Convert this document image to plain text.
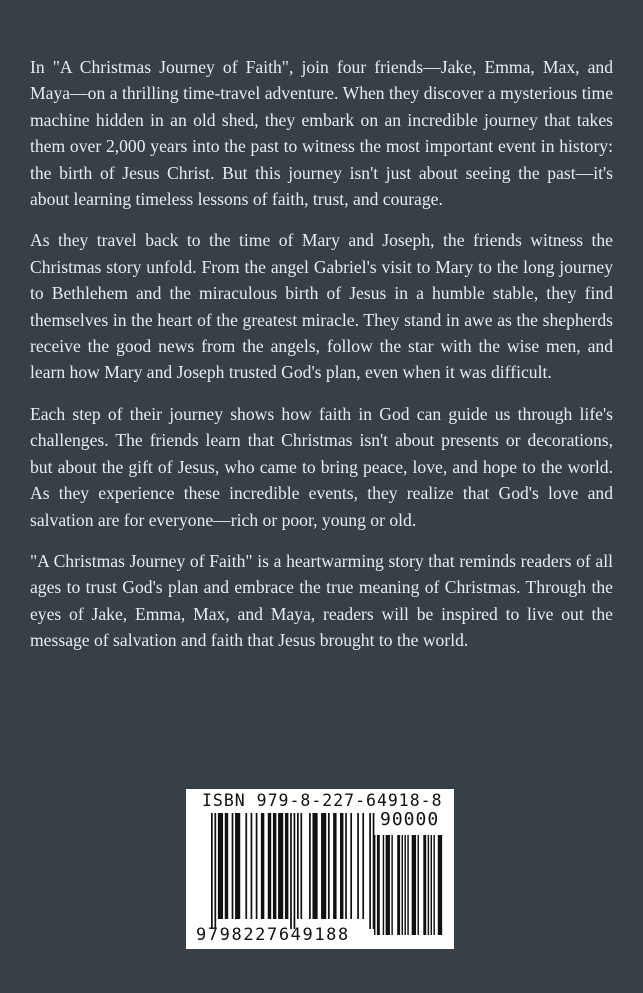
In "A Christmas Journey of Faith", join four friends—Jake, Emma, Max, and Maya—on a thrilling time-travel adventure. When they discover a mysterious time machine hidden in an old shed, they embark on an incredible journey that takes them over 2,000 years into the past to witness the most important event in history: the birth of Jesus Christ. But this journey isn't just about seeing the past—it's about learning timeless lessons of faith, trust, and courage.

As they travel back to the time of Mary and Joseph, the friends witness the Christmas story unfold. From the angel Gabriel's visit to Mary to the long journey to Bethlehem and the miraculous birth of Jesus in a humble stable, they find themselves in the heart of the greatest miracle. They stand in awe as the shepherds receive the good news from the angels, follow the star with the wise men, and learn how Mary and Joseph trusted God's plan, even when it was difficult.

Each step of their journey shows how faith in God can guide us through life's challenges. The friends learn that Christmas isn't about presents or decorations, but about the gift of Jesus, who came to bring peace, love, and hope to the world. As they experience these incredible events, they realize that God's love and salvation are for everyone—rich or poor, young or old.

"A Christmas Journey of Faith" is a heartwarming story that reminds readers of all ages to trust God's plan and embrace the true meaning of Christmas. Through the eyes of Jake, Emma, Max, and Maya, readers will be inspired to live out the message of salvation and faith that Jesus brought to the world.

ISBN 979-8-227-64918-8
90000
9798227649188
